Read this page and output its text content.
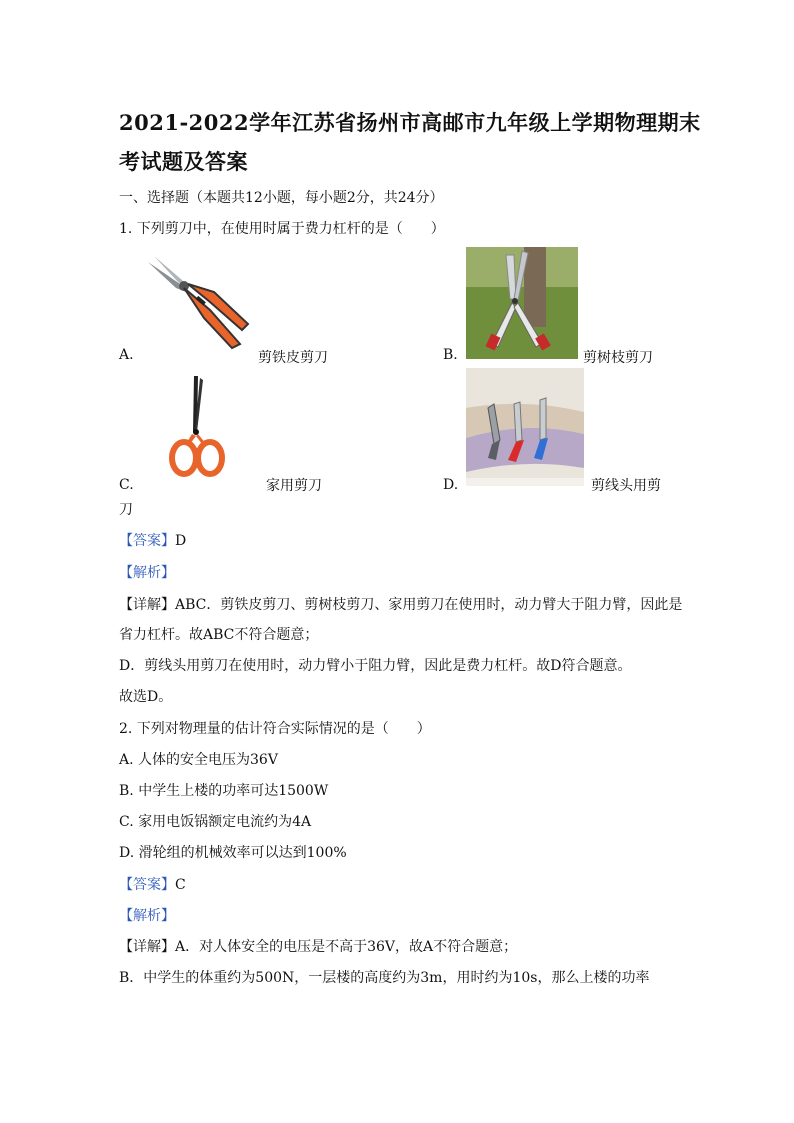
2021-2022学年江苏省扬州市高邮市九年级上学期物理期末
考试题及答案
一、选择题（本题共12小题，每小题2分，共24分）
1. 下列剪刀中，在使用时属于费力杠杆的是（　　）
A.	剪铁皮剪刀	B.	剪树枝剪刀
C.	家用剪刀	D.	剪线头用剪
刀
【答案】D
【解析】
【详解】ABC．剪铁皮剪刀、剪树枝剪刀、家用剪刀在使用时，动力臂大于阻力臂，因此是
省力杠杆。故ABC不符合题意；
D．剪线头用剪刀在使用时，动力臂小于阻力臂，因此是费力杠杆。故D符合题意。
故选D。
2. 下列对物理量的估计符合实际情况的是（　　）
A. 人体的安全电压为36V
B. 中学生上楼的功率可达1500W
C. 家用电饭锅额定电流约为4A
D. 滑轮组的机械效率可以达到100%
【答案】C
【解析】
【详解】A．对人体安全的电压是不高于36V，故A不符合题意；
B．中学生的体重约为500N，一层楼的高度约为3m，用时约为10s，那么上楼的功率
